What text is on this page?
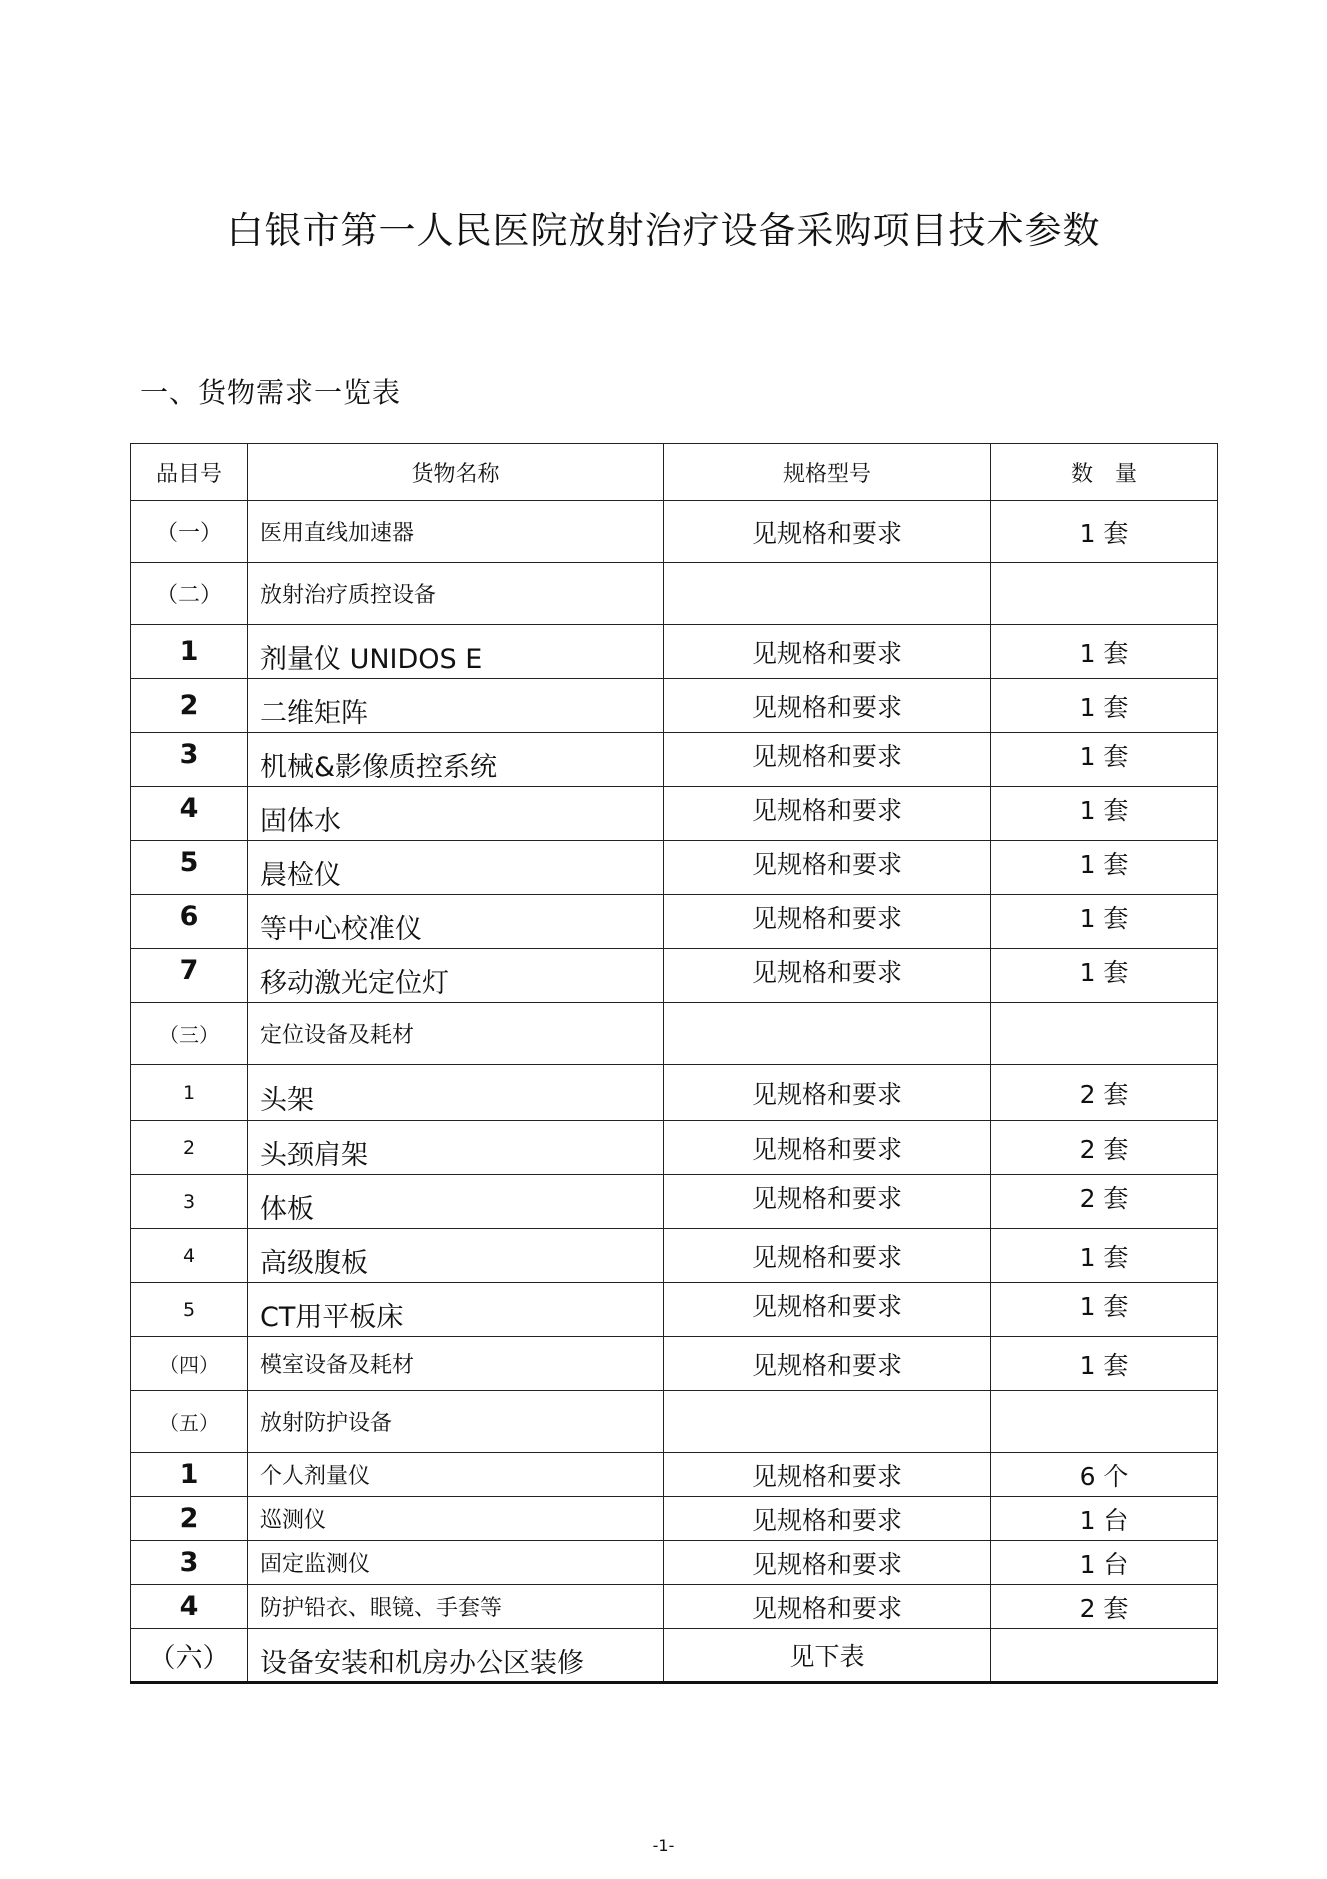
白银市第一人民医院放射治疗设备采购项目技术参数
一、货物需求一览表
品目号	货物名称	规格型号	数　量
（一）	医用直线加速器	见规格和要求	1 套
（二）	放射治疗质控设备		
1	剂量仪 UNIDOS E	见规格和要求	1 套
2	二维矩阵	见规格和要求	1 套
3	机械&影像质控系统	见规格和要求	1 套
4	固体水	见规格和要求	1 套
5	晨检仪	见规格和要求	1 套
6	等中心校准仪	见规格和要求	1 套
7	移动激光定位灯	见规格和要求	1 套
（三）	定位设备及耗材		
1	头架	见规格和要求	2 套
2	头颈肩架	见规格和要求	2 套
3	体板	见规格和要求	2 套
4	高级腹板	见规格和要求	1 套
5	CT用平板床	见规格和要求	1 套
（四）	模室设备及耗材	见规格和要求	1 套
（五）	放射防护设备		
1	个人剂量仪	见规格和要求	6 个
2	巡测仪	见规格和要求	1 台
3	固定监测仪	见规格和要求	1 台
4	防护铅衣、眼镜、手套等	见规格和要求	2 套
（六）	设备安装和机房办公区装修	见下表	
-1-
